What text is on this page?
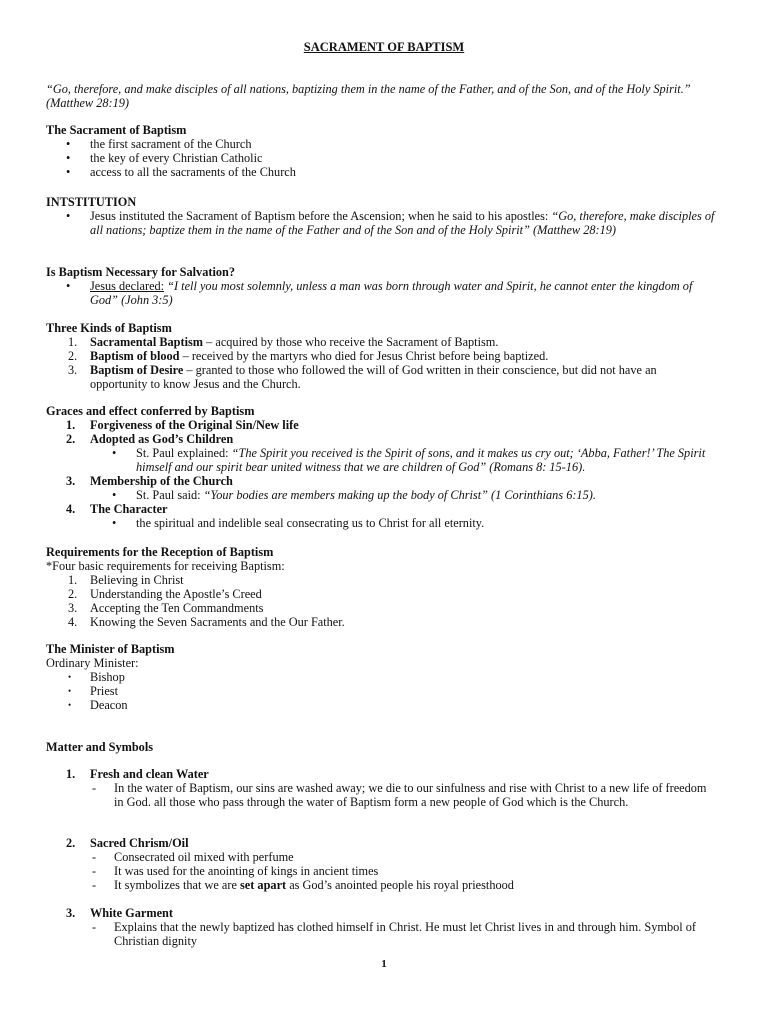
SACRAMENT OF BAPTISM
“Go, therefore, and make disciples of all nations, baptizing them in the name of the Father, and of the Son, and of the Holy Spirit.” (Matthew 28:19)
The Sacrament of Baptism
• the first sacrament of the Church
• the key of every Christian Catholic
• access to all the sacraments of the Church
INTSTITUTION
• Jesus instituted the Sacrament of Baptism before the Ascension; when he said to his apostles: “Go, therefore, make disciples of all nations; baptize them in the name of the Father and of the Son and of the Holy Spirit” (Matthew 28:19)
Is Baptism Necessary for Salvation?
• Jesus declared: “I tell you most solemnly, unless a man was born through water and Spirit, he cannot enter the kingdom of God” (John 3:5)
Three Kinds of Baptism
1. Sacramental Baptism – acquired by those who receive the Sacrament of Baptism.
2. Baptism of blood – received by the martyrs who died for Jesus Christ before being baptized.
3. Baptism of Desire – granted to those who followed the will of God written in their conscience, but did not have an opportunity to know Jesus and the Church.
Graces and effect conferred by Baptism
1. Forgiveness of the Original Sin/New life
2. Adopted as God’s Children
• St. Paul explained: “The Spirit you received is the Spirit of sons, and it makes us cry out; ‘Abba, Father!’ The Spirit himself and our spirit bear united witness that we are children of God” (Romans 8: 15-16).
3. Membership of the Church
• St. Paul said: “Your bodies are members making up the body of Christ” (1 Corinthians 6:15).
4. The Character
• the spiritual and indelible seal consecrating us to Christ for all eternity.
Requirements for the Reception of Baptism
*Four basic requirements for receiving Baptism:
1. Believing in Christ
2. Understanding the Apostle’s Creed
3. Accepting the Ten Commandments
4. Knowing the Seven Sacraments and the Our Father.
The Minister of Baptism
Ordinary Minister:
• Bishop
• Priest
• Deacon
Matter and Symbols
1. Fresh and clean Water
- In the water of Baptism, our sins are washed away; we die to our sinfulness and rise with Christ to a new life of freedom in God. all those who pass through the water of Baptism form a new people of God which is the Church.
2. Sacred Chrism/Oil
- Consecrated oil mixed with perfume
- It was used for the anointing of kings in ancient times
- It symbolizes that we are set apart as God’s anointed people his royal priesthood
3. White Garment
- Explains that the newly baptized has clothed himself in Christ. He must let Christ lives in and through him. Symbol of Christian dignity
1
